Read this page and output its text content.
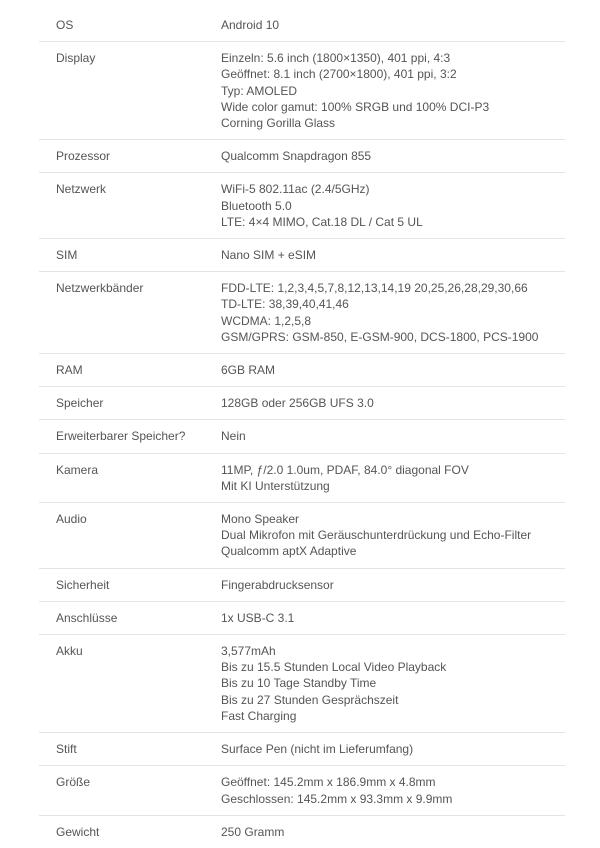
OS	Android 10

Display	Einzeln: 5.6 inch (1800×1350), 401 ppi, 4:3
Geöffnet: 8.1 inch (2700×1800), 401 ppi, 3:2
Typ: AMOLED
Wide color gamut: 100% SRGB und 100% DCI-P3
Corning Gorilla Glass

Prozessor	Qualcomm Snapdragon 855

Netzwerk	WiFi-5 802.11ac (2.4/5GHz)
Bluetooth 5.0
LTE: 4×4 MIMO, Cat.18 DL / Cat 5 UL

SIM	Nano SIM + eSIM

Netzwerkbänder	FDD-LTE: 1,2,3,4,5,7,8,12,13,14,19 20,25,26,28,29,30,66
TD-LTE: 38,39,40,41,46
WCDMA: 1,2,5,8
GSM/GPRS: GSM-850, E-GSM-900, DCS-1800, PCS-1900

RAM	6GB RAM

Speicher	128GB oder 256GB UFS 3.0

Erweiterbarer Speicher?	Nein

Kamera	11MP, ƒ/2.0 1.0um, PDAF, 84.0° diagonal FOV
Mit KI Unterstützung

Audio	Mono Speaker
Dual Mikrofon mit Geräuschunterdrückung und Echo-Filter
Qualcomm aptX Adaptive

Sicherheit	Fingerabdrucksensor

Anschlüsse	1x USB-C 3.1

Akku	3,577mAh
Bis zu 15.5 Stunden Local Video Playback
Bis zu 10 Tage Standby Time
Bis zu 27 Stunden Gesprächszeit
Fast Charging

Stift	Surface Pen (nicht im Lieferumfang)

Größe	Geöffnet: 145.2mm x 186.9mm x 4.8mm
Geschlossen: 145.2mm x 93.3mm x 9.9mm

Gewicht	250 Gramm
